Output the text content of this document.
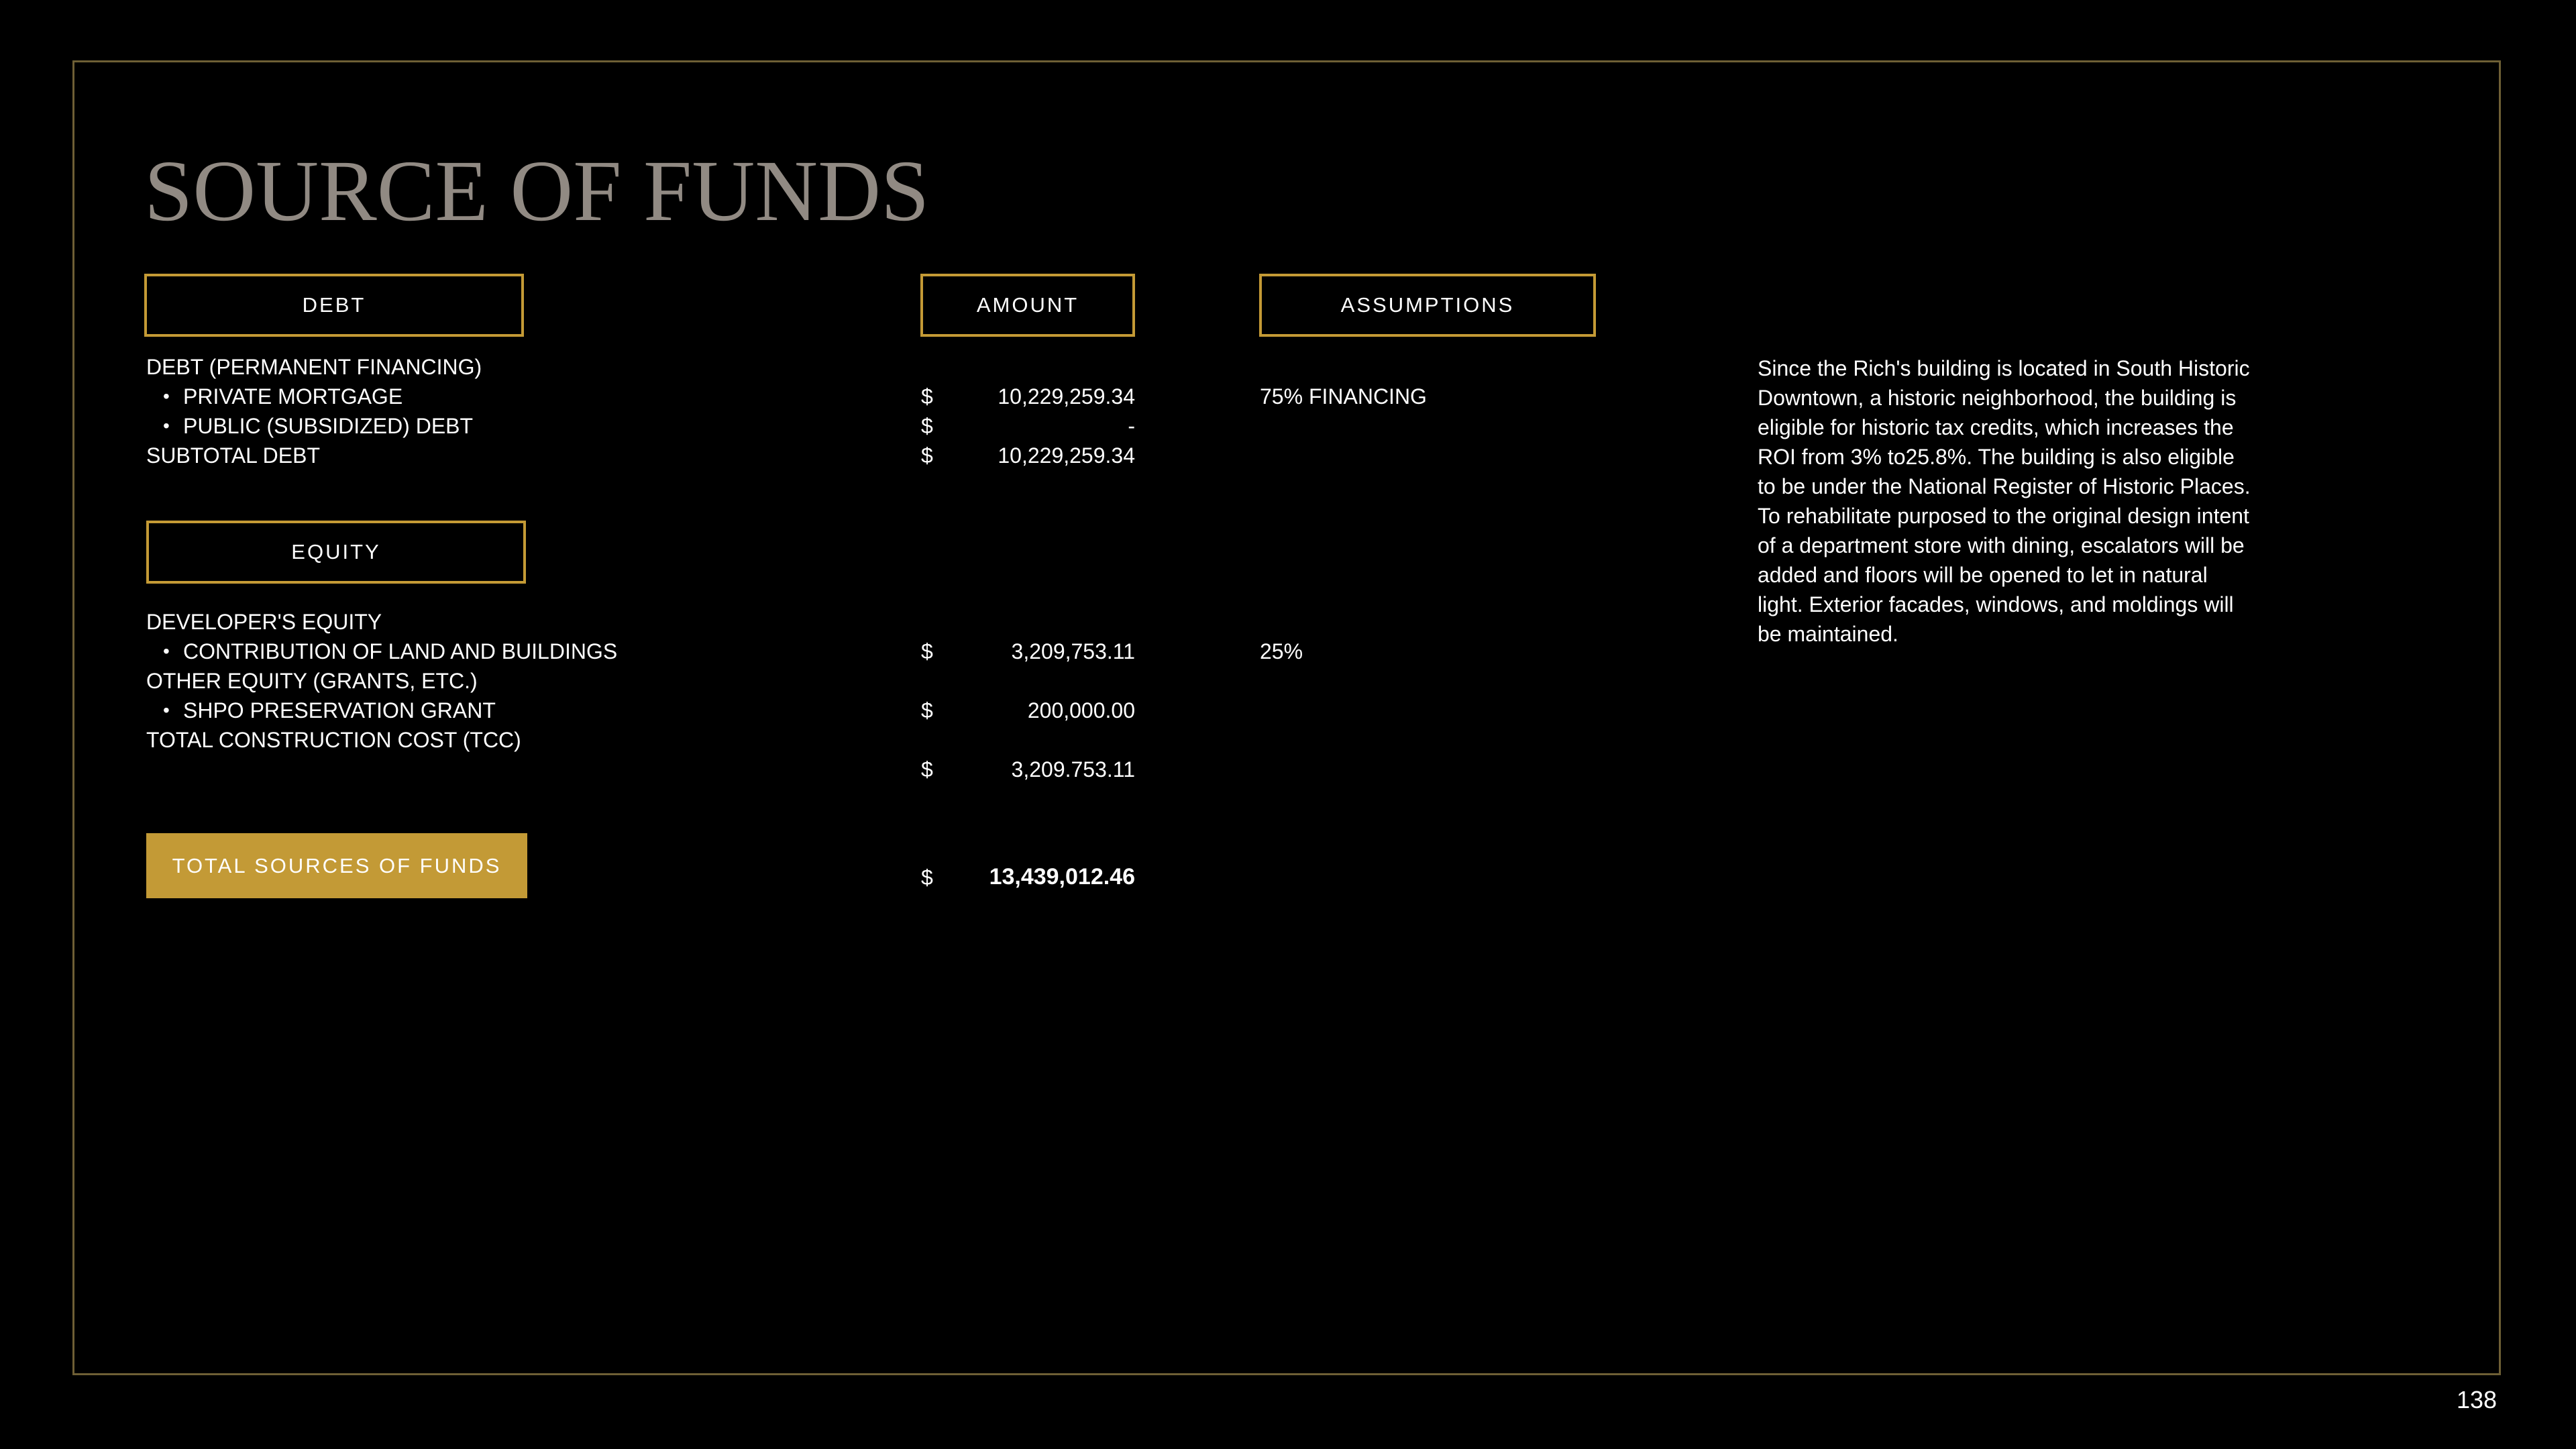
SOURCE OF FUNDS
DEBT	AMOUNT	ASSUMPTIONS
DEBT (PERMANENT FINANCING)
• PRIVATE MORTGAGE	$	10,229,259.34	75% FINANCING
• PUBLIC (SUBSIDIZED) DEBT	$	-
SUBTOTAL DEBT	$	10,229,259.34
EQUITY
DEVELOPER'S EQUITY
• CONTRIBUTION OF LAND AND BUILDINGS	$	3,209,753.11	25%
OTHER EQUITY (GRANTS, ETC.)
• SHPO PRESERVATION GRANT	$	200,000.00
TOTAL CONSTRUCTION COST (TCC)
$	3,209.753.11
TOTAL SOURCES OF FUNDS	$	13,439,012.46
Since the Rich's building is located in South Historic Downtown, a historic neighborhood, the building is eligible for historic tax credits, which increases the ROI from 3% to25.8%. The building is also eligible to be under the National Register of Historic Places. To rehabilitate purposed to the original design intent of a department store with dining, escalators will be added and floors will be opened to let in natural light. Exterior facades, windows, and moldings will be maintained.
138
